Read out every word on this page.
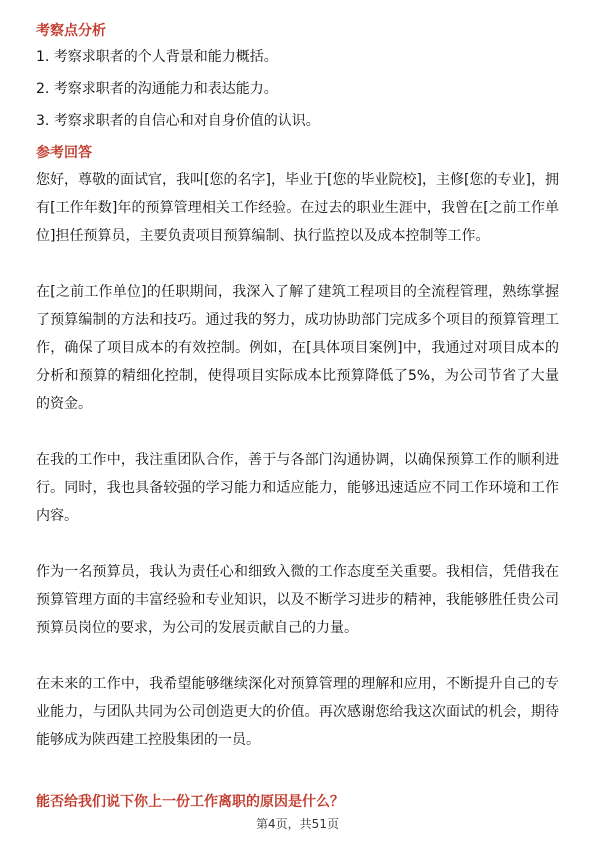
考察点分析
1. 考察求职者的个人背景和能力概括。
2. 考察求职者的沟通能力和表达能力。
3. 考察求职者的自信心和对自身价值的认识。
参考回答

您好，尊敬的面试官，我叫[您的名字]，毕业于[您的毕业院校]，主修[您的专业]，拥有[工作年数]年的预算管理相关工作经验。在过去的职业生涯中，我曾在[之前工作单位]担任预算员，主要负责项目预算编制、执行监控以及成本控制等工作。

在[之前工作单位]的任职期间，我深入了解了建筑工程项目的全流程管理，熟练掌握了预算编制的方法和技巧。通过我的努力，成功协助部门完成多个项目的预算管理工作，确保了项目成本的有效控制。例如，在[具体项目案例]中，我通过对项目成本的分析和预算的精细化控制，使得项目实际成本比预算降低了5%，为公司节省了大量的资金。

在我的工作中，我注重团队合作，善于与各部门沟通协调，以确保预算工作的顺利进行。同时，我也具备较强的学习能力和适应能力，能够迅速适应不同工作环境和工作内容。

作为一名预算员，我认为责任心和细致入微的工作态度至关重要。我相信，凭借我在预算管理方面的丰富经验和专业知识，以及不断学习进步的精神，我能够胜任贵公司预算员岗位的要求，为公司的发展贡献自己的力量。

在未来的工作中，我希望能够继续深化对预算管理的理解和应用，不断提升自己的专业能力，与团队共同为公司创造更大的价值。再次感谢您给我这次面试的机会，期待能够成为陕西建工控股集团的一员。

能否给我们说下你上一份工作离职的原因是什么？
第4页，共51页
